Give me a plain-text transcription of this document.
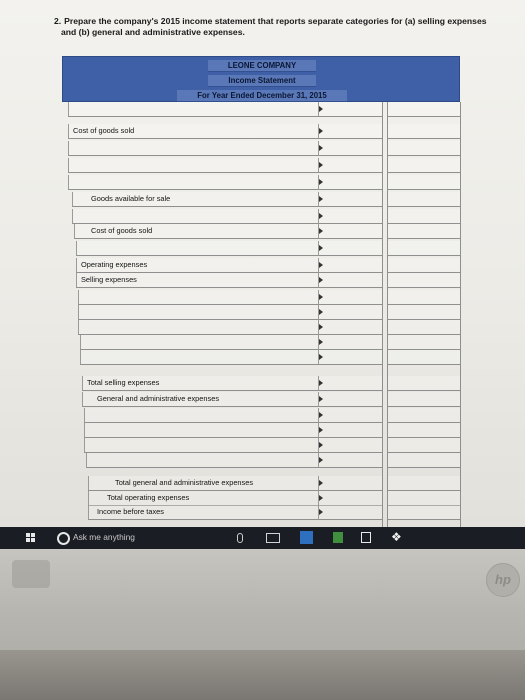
2. Prepare the company's 2015 income statement that reports separate categories for (a) selling expenses
and (b) general and administrative expenses.
LEONE COMPANY
Income Statement
For Year Ended December 31, 2015
Cost of goods sold
Goods available for sale
Cost of goods sold
Operating expenses
Selling expenses
Total selling expenses
General and administrative expenses
Total general and administrative expenses
Total operating expenses
Income before taxes
Ask me anything	❖
hp
